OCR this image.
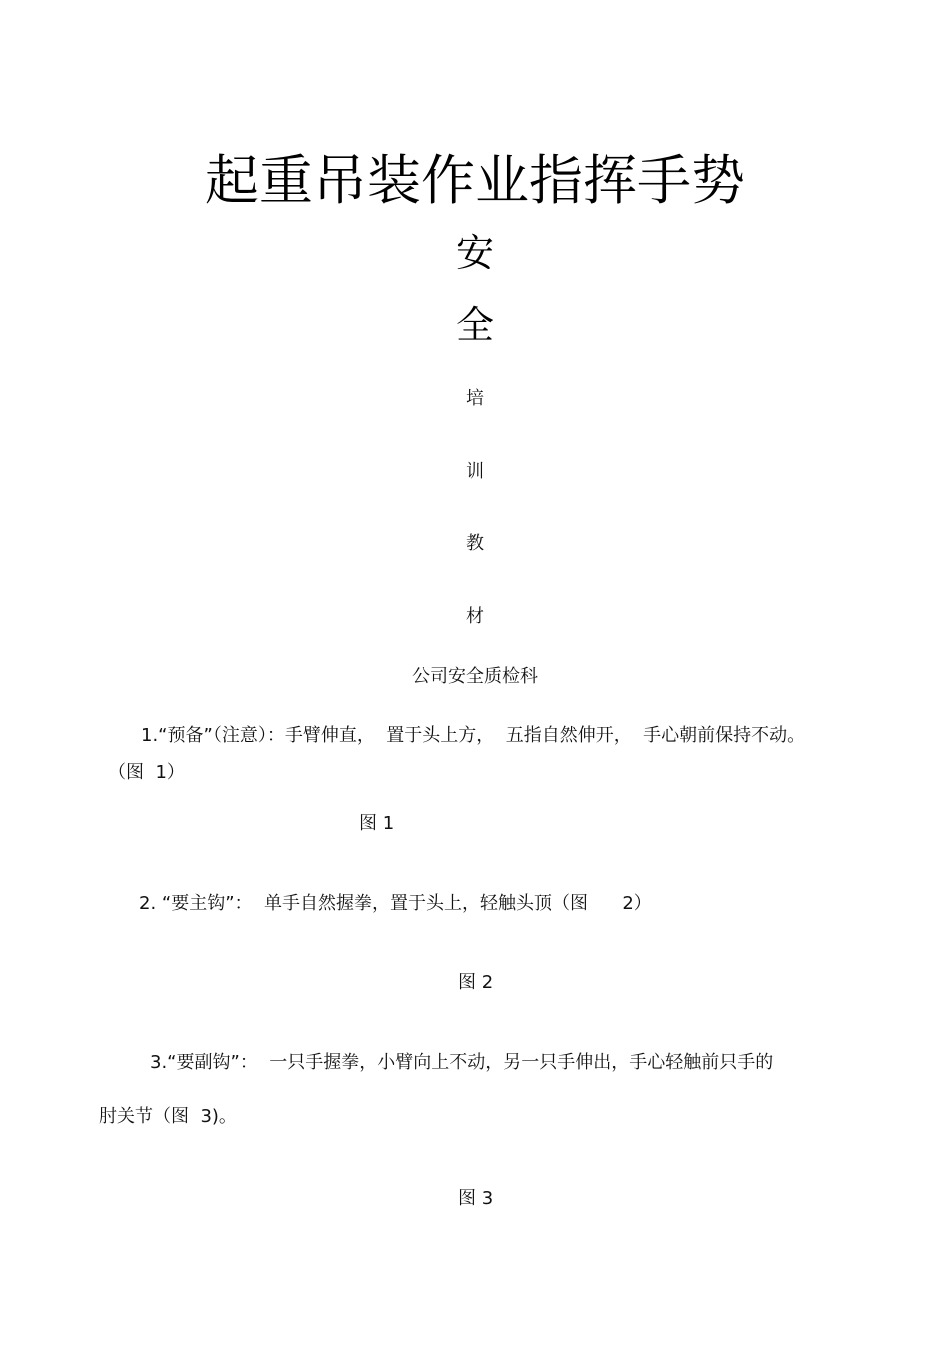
起重吊装作业指挥手势
安
全
培
训
教
材
公司安全质检科
1.“预备”（注意）：手臂伸直，  置于头上方，  五指自然伸开，  手心朝前保持不动。
（图  1）
图 1
2. “要主钩”：  单手自然握拳，置于头上，轻触头顶（图      2）
图 2
3.“要副钩”：  一只手握拳，小臂向上不动，另一只手伸出，手心轻触前只手的
肘关节（图  3)。
图 3
